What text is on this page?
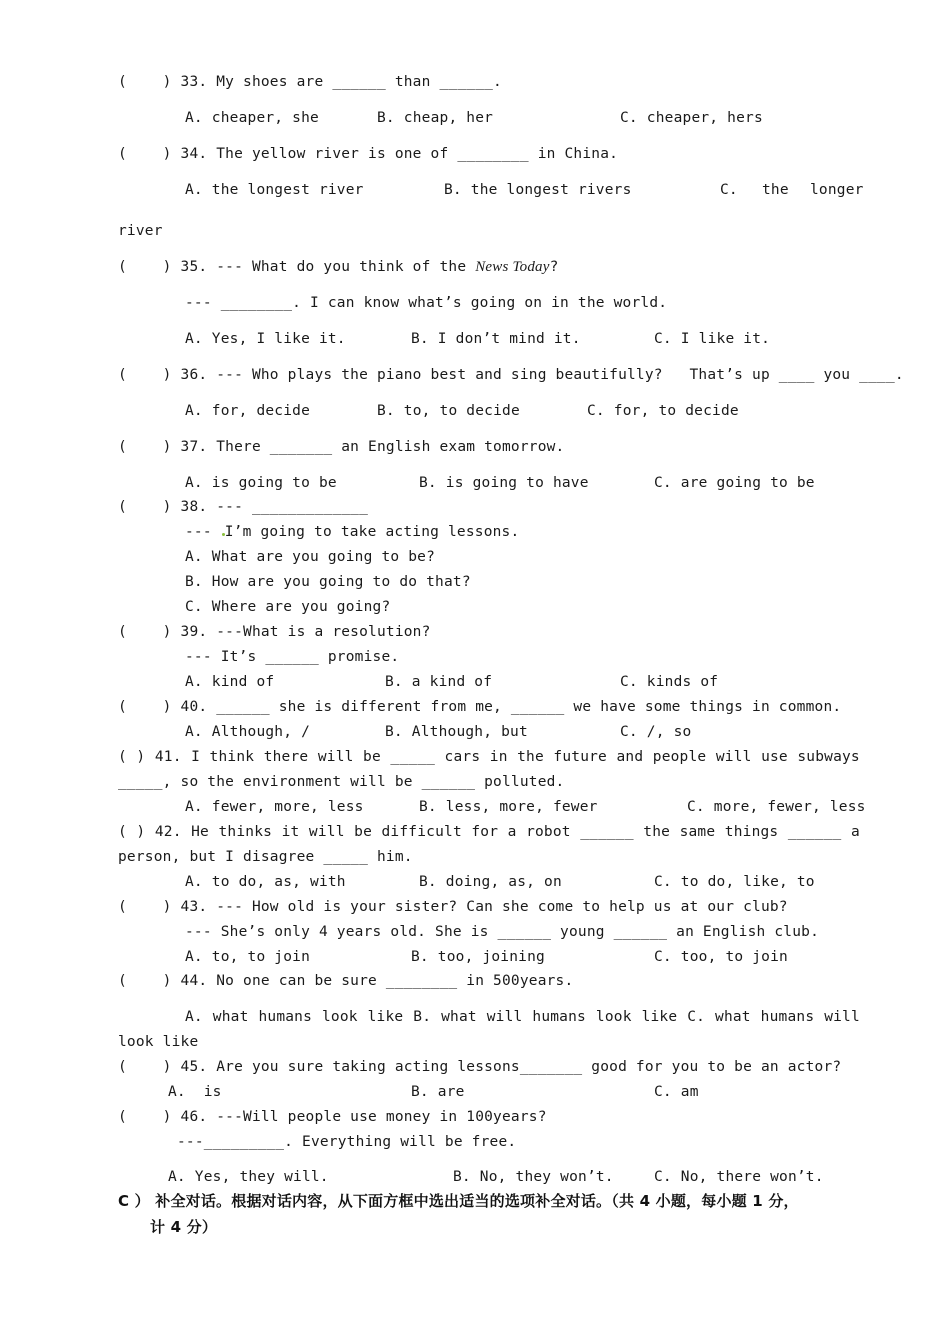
(    ) 33. My shoes are ______ than ______.
A. cheaper, she	B. cheap, her	C. cheaper, hers
(    ) 34. The yellow river is one of ________ in China.
A. the longest river	B. the longest rivers	C. the longer
river
(    ) 35. --- What do you think of the News Today?
--- ________. I can know what’s going on in the world.
A. Yes, I like it.	B. I don’t mind it.	C. I like it.
(    ) 36. --- Who plays the piano best and sing beautifully?   That’s up ____ you ____.
A. for, decide	B. to, to decide	C. for, to decide
(    ) 37. There _______ an English exam tomorrow.
A. is going to be	B. is going to have	C. are going to be
(    ) 38. --- _____________
--- I’m going to take acting lessons.
A. What are you going to be?
B. How are you going to do that?
C. Where are you going?
(    ) 39. ---What is a resolution?
--- It’s ______ promise.
A. kind of	B. a kind of	C. kinds of
(    ) 40. ______ she is different from me, ______ we have some things in common.
A. Although, /	B. Although, but	C. /, so
( ) 41. I think there will be _____ cars in the future and people will use subways
_____, so the environment will be ______ polluted.
A. fewer, more, less	B. less, more, fewer	C. more, fewer, less
( ) 42. He thinks it will be difficult for a robot ______ the same things ______ a
person, but I disagree _____ him.
A. to do, as, with	B. doing, as, on	C. to do, like, to
(    ) 43. --- How old is your sister? Can she come to help us at our club?
--- She’s only 4 years old. She is ______ young ______ an English club.
A. to, to join	B. too, joining	C. too, to join
(    ) 44. No one can be sure ________ in 500years.
A. what humans look like B. what will humans look like C. what humans will
look like
(    ) 45. Are you sure taking acting lessons_______ good for you to be an actor?
A.  is	B. are	C. am
(    ) 46. ---Will people use money in 100years?
---_________. Everything will be free.
A. Yes, they will.	B. No, they won’t.	C. No, there won’t.
C ） 补全对话。根据对话内容，从下面方框中选出适当的选项补全对话。（共 4 小题，每小题 1 分，
计 4 分）
